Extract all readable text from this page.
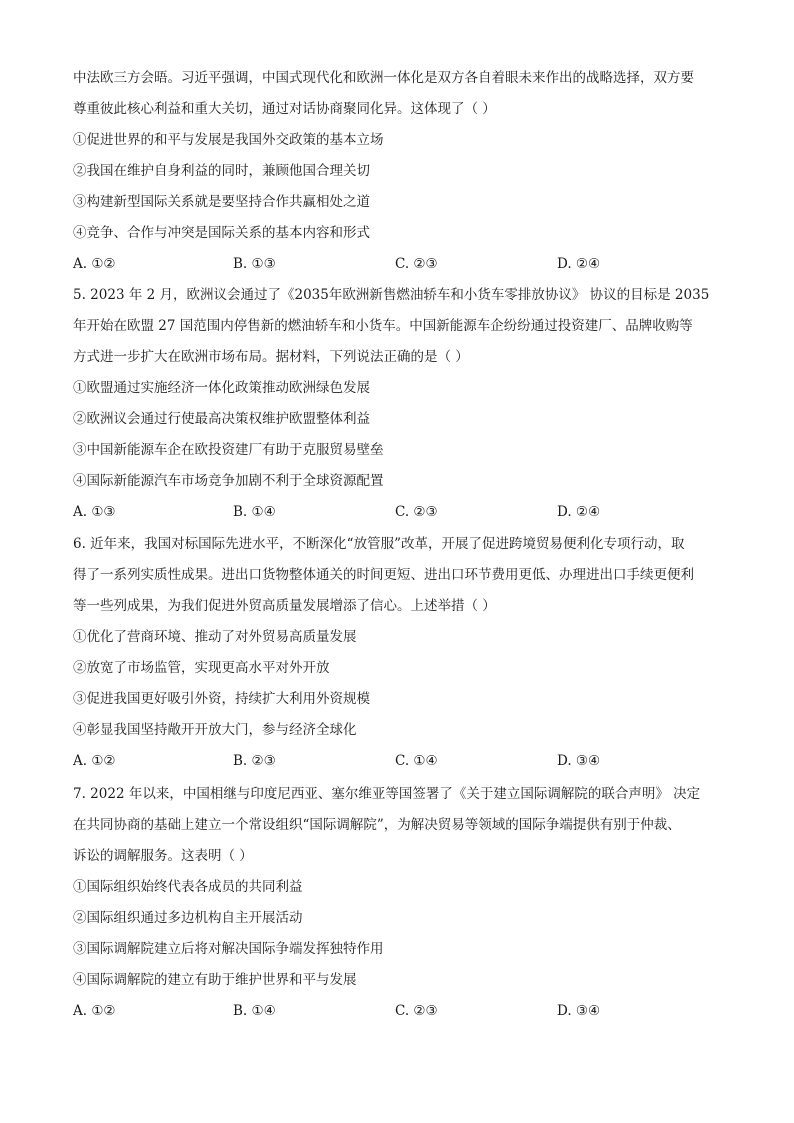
中法欧三方会晤。习近平强调，中国式现代化和欧洲一体化是双方各自着眼未来作出的战略选择，双方要

尊重彼此核心利益和重大关切，通过对话协商聚同化异。这体现了（ ）

①促进世界的和平与发展是我国外交政策的基本立场

②我国在维护自身利益的同时，兼顾他国合理关切

③构建新型国际关系就是要坚持合作共赢相处之道

④竞争、合作与冲突是国际关系的基本内容和形式

A. ①②	B. ①③	C. ②③	D. ②④

5. 2023 年 2 月，欧洲议会通过了《2035年欧洲新售燃油轿车和小货车零排放协议》 协议的目标是 2035

年开始在欧盟 27 国范围内停售新的燃油轿车和小货车。中国新能源车企纷纷通过投资建厂、品牌收购等

方式进一步扩大在欧洲市场布局。据材料，下列说法正确的是（ ）

①欧盟通过实施经济一体化政策推动欧洲绿色发展

②欧洲议会通过行使最高决策权维护欧盟整体利益

③中国新能源车企在欧投资建厂有助于克服贸易壁垒

④国际新能源汽车市场竞争加剧不利于全球资源配置

A. ①③	B. ①④	C. ②③	D. ②④

6. 近年来，我国对标国际先进水平，不断深化“放管服”改革，开展了促进跨境贸易便利化专项行动，取

得了一系列实质性成果。进出口货物整体通关的时间更短、进出口环节费用更低、办理进出口手续更便利

等一些列成果，为我们促进外贸高质量发展增添了信心。上述举措（ ）

①优化了营商环境、推动了对外贸易高质量发展

②放宽了市场监管，实现更高水平对外开放

③促进我国更好吸引外资，持续扩大利用外资规模

④彰显我国坚持敞开开放大门，参与经济全球化

A. ①②	B. ②③	C. ①④	D. ③④

7. 2022 年以来，中国相继与印度尼西亚、塞尔维亚等国签署了《关于建立国际调解院的联合声明》 决定

在共同协商的基础上建立一个常设组织“国际调解院”，为解决贸易等领域的国际争端提供有别于仲裁、

诉讼的调解服务。这表明（ ）

①国际组织始终代表各成员的共同利益

②国际组织通过多边机构自主开展活动

③国际调解院建立后将对解决国际争端发挥独特作用

④国际调解院的建立有助于维护世界和平与发展

A. ①②	B. ①④	C. ②③	D. ③④
